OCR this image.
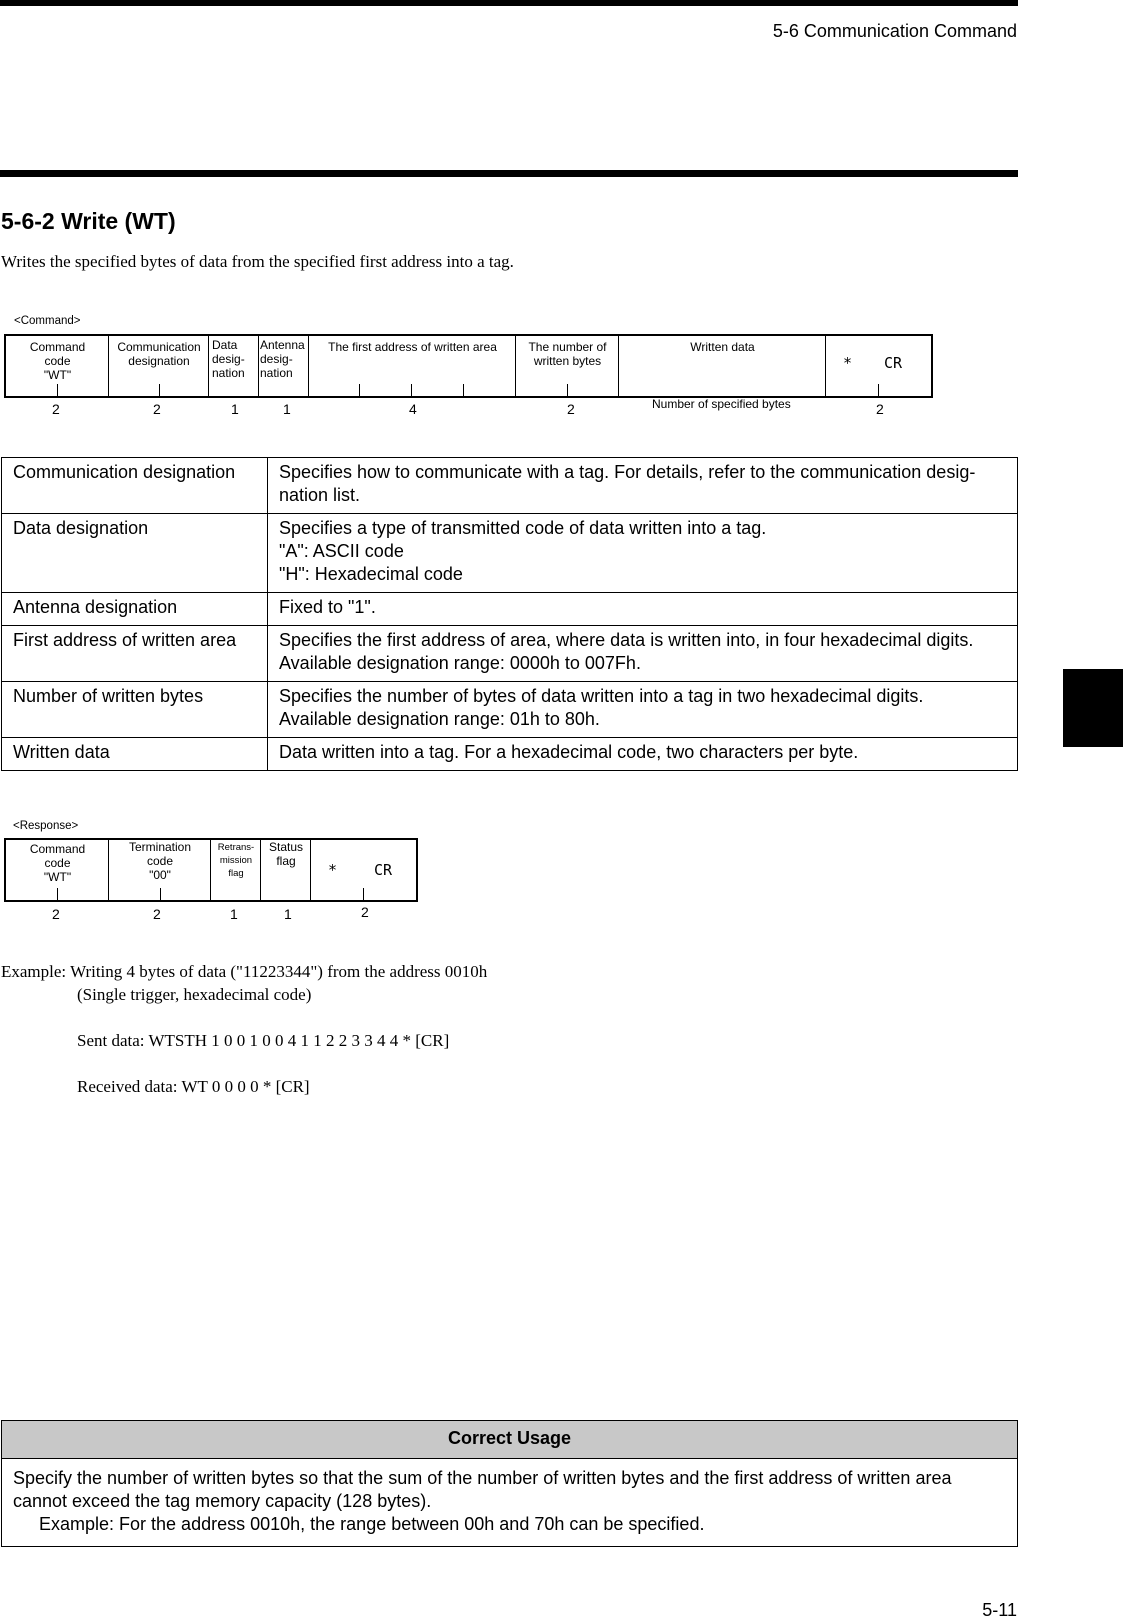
5-6 Communication Command
5-6-2 Write (WT)
Writes the specified bytes of data from the specified first address into a tag.
<Command>
Command
code
"WT"
Communication
designation
Data
desig-
nation
Antenna
desig-
nation
The first address of written area	The number of
written bytes
Written data
* CR
2	2	1	1	4	2	Number of specified bytes	2
Communication designation	Specifies how to communicate with a tag. For details, refer to the communication desig-
nation list.

Data designation	Specifies a type of transmitted code of data written into a tag.
"A": ASCII code
"H": Hexadecimal code

Antenna designation	Fixed to "1".

First address of written area	Specifies the first address of area, where data is written into, in four hexadecimal digits.
Available designation range: 0000h to 007Fh.

Number of written bytes	Specifies the number of bytes of data written into a tag in two hexadecimal digits.
Available designation range: 01h to 80h.

Written data	Data written into a tag. For a hexadecimal code, two characters per byte.
<Response>
Command
code
"WT"
Termination
code
"00"
Retrans-
mission
flag
Status
flag	* CR
2	2	1	1	2
Example: Writing 4 bytes of data ("11223344") from the address 0010h
(Single trigger, hexadecimal code)
Sent data: WTSTH 1 0 0 1 0 0 4 1 1 2 2 3 3 4 4 * [CR]
Received data: WT 0 0 0 0 * [CR]
Correct Usage
Specify the number of written bytes so that the sum of the number of written bytes and the first address of written area
cannot exceed the tag memory capacity (128 bytes).
Example: For the address 0010h, the range between 00h and 70h can be specified.
5-11
